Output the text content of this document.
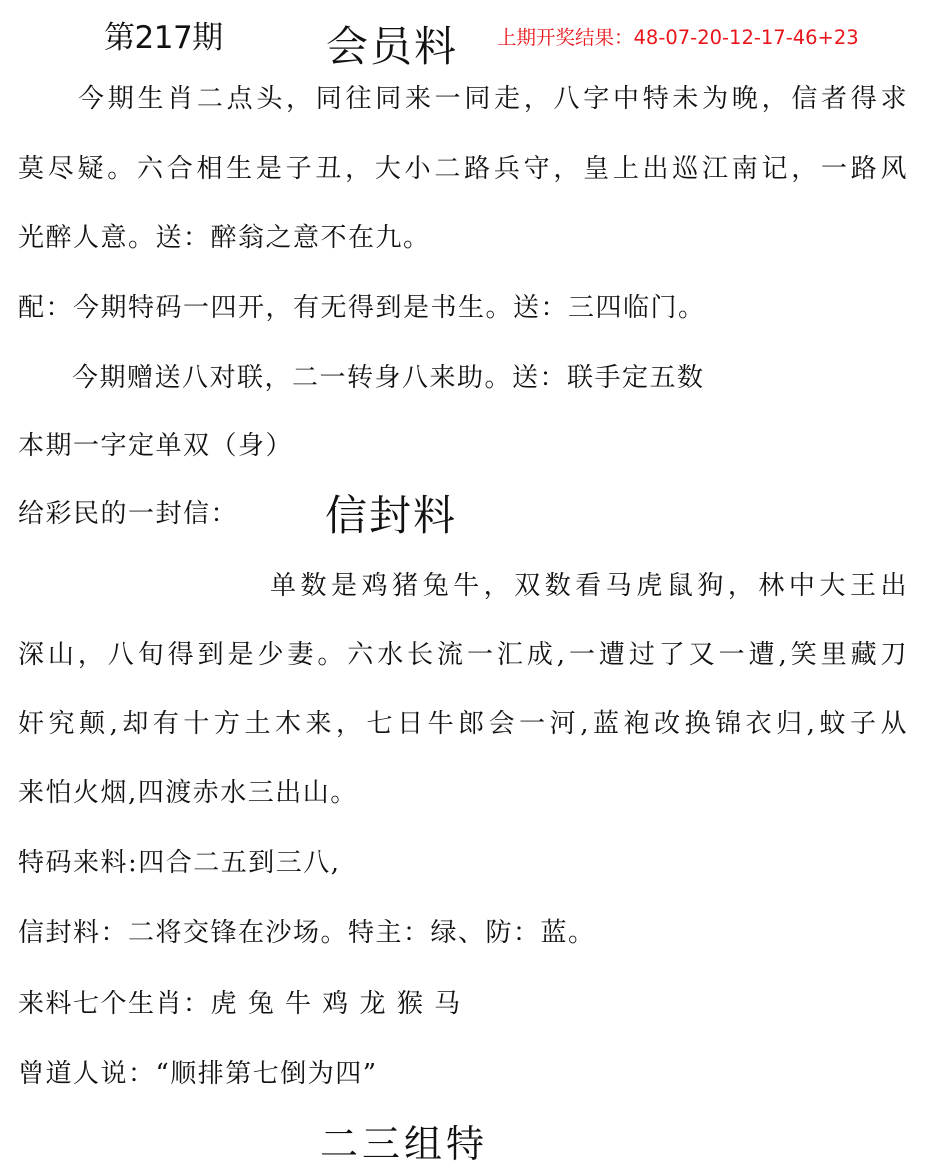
第217期 会员料 上期开奖结果：48-07-20-12-17-46+23
今期生肖二点头，同往同来一同走，八字中特未为晚，信者得求
莫尽疑。六合相生是子丑，大小二路兵守，皇上出巡江南记，一路风
光醉人意。送：醉翁之意不在九。
配：今期特码一四开，有无得到是书生。送：三四临门。
今期赠送八对联，二一转身八来助。送：联手定五数
本期一字定单双（身）
给彩民的一封信： 信封料
单数是鸡猪兔牛，双数看马虎鼠狗，林中大王出
深山，八旬得到是少妻。六水长流一汇成,一遭过了又一遭,笑里藏刀
奸究颠,却有十方土木来，七日牛郎会一河,蓝袍改换锦衣归,蚊子从
来怕火烟,四渡赤水三出山。
特码来料:四合二五到三八,
信封料：二将交锋在沙场。特主：绿、防：蓝。
来料七个生肖：虎 兔 牛 鸡 龙 猴 马
曾道人说：“顺排第七倒为四”
二三组特
